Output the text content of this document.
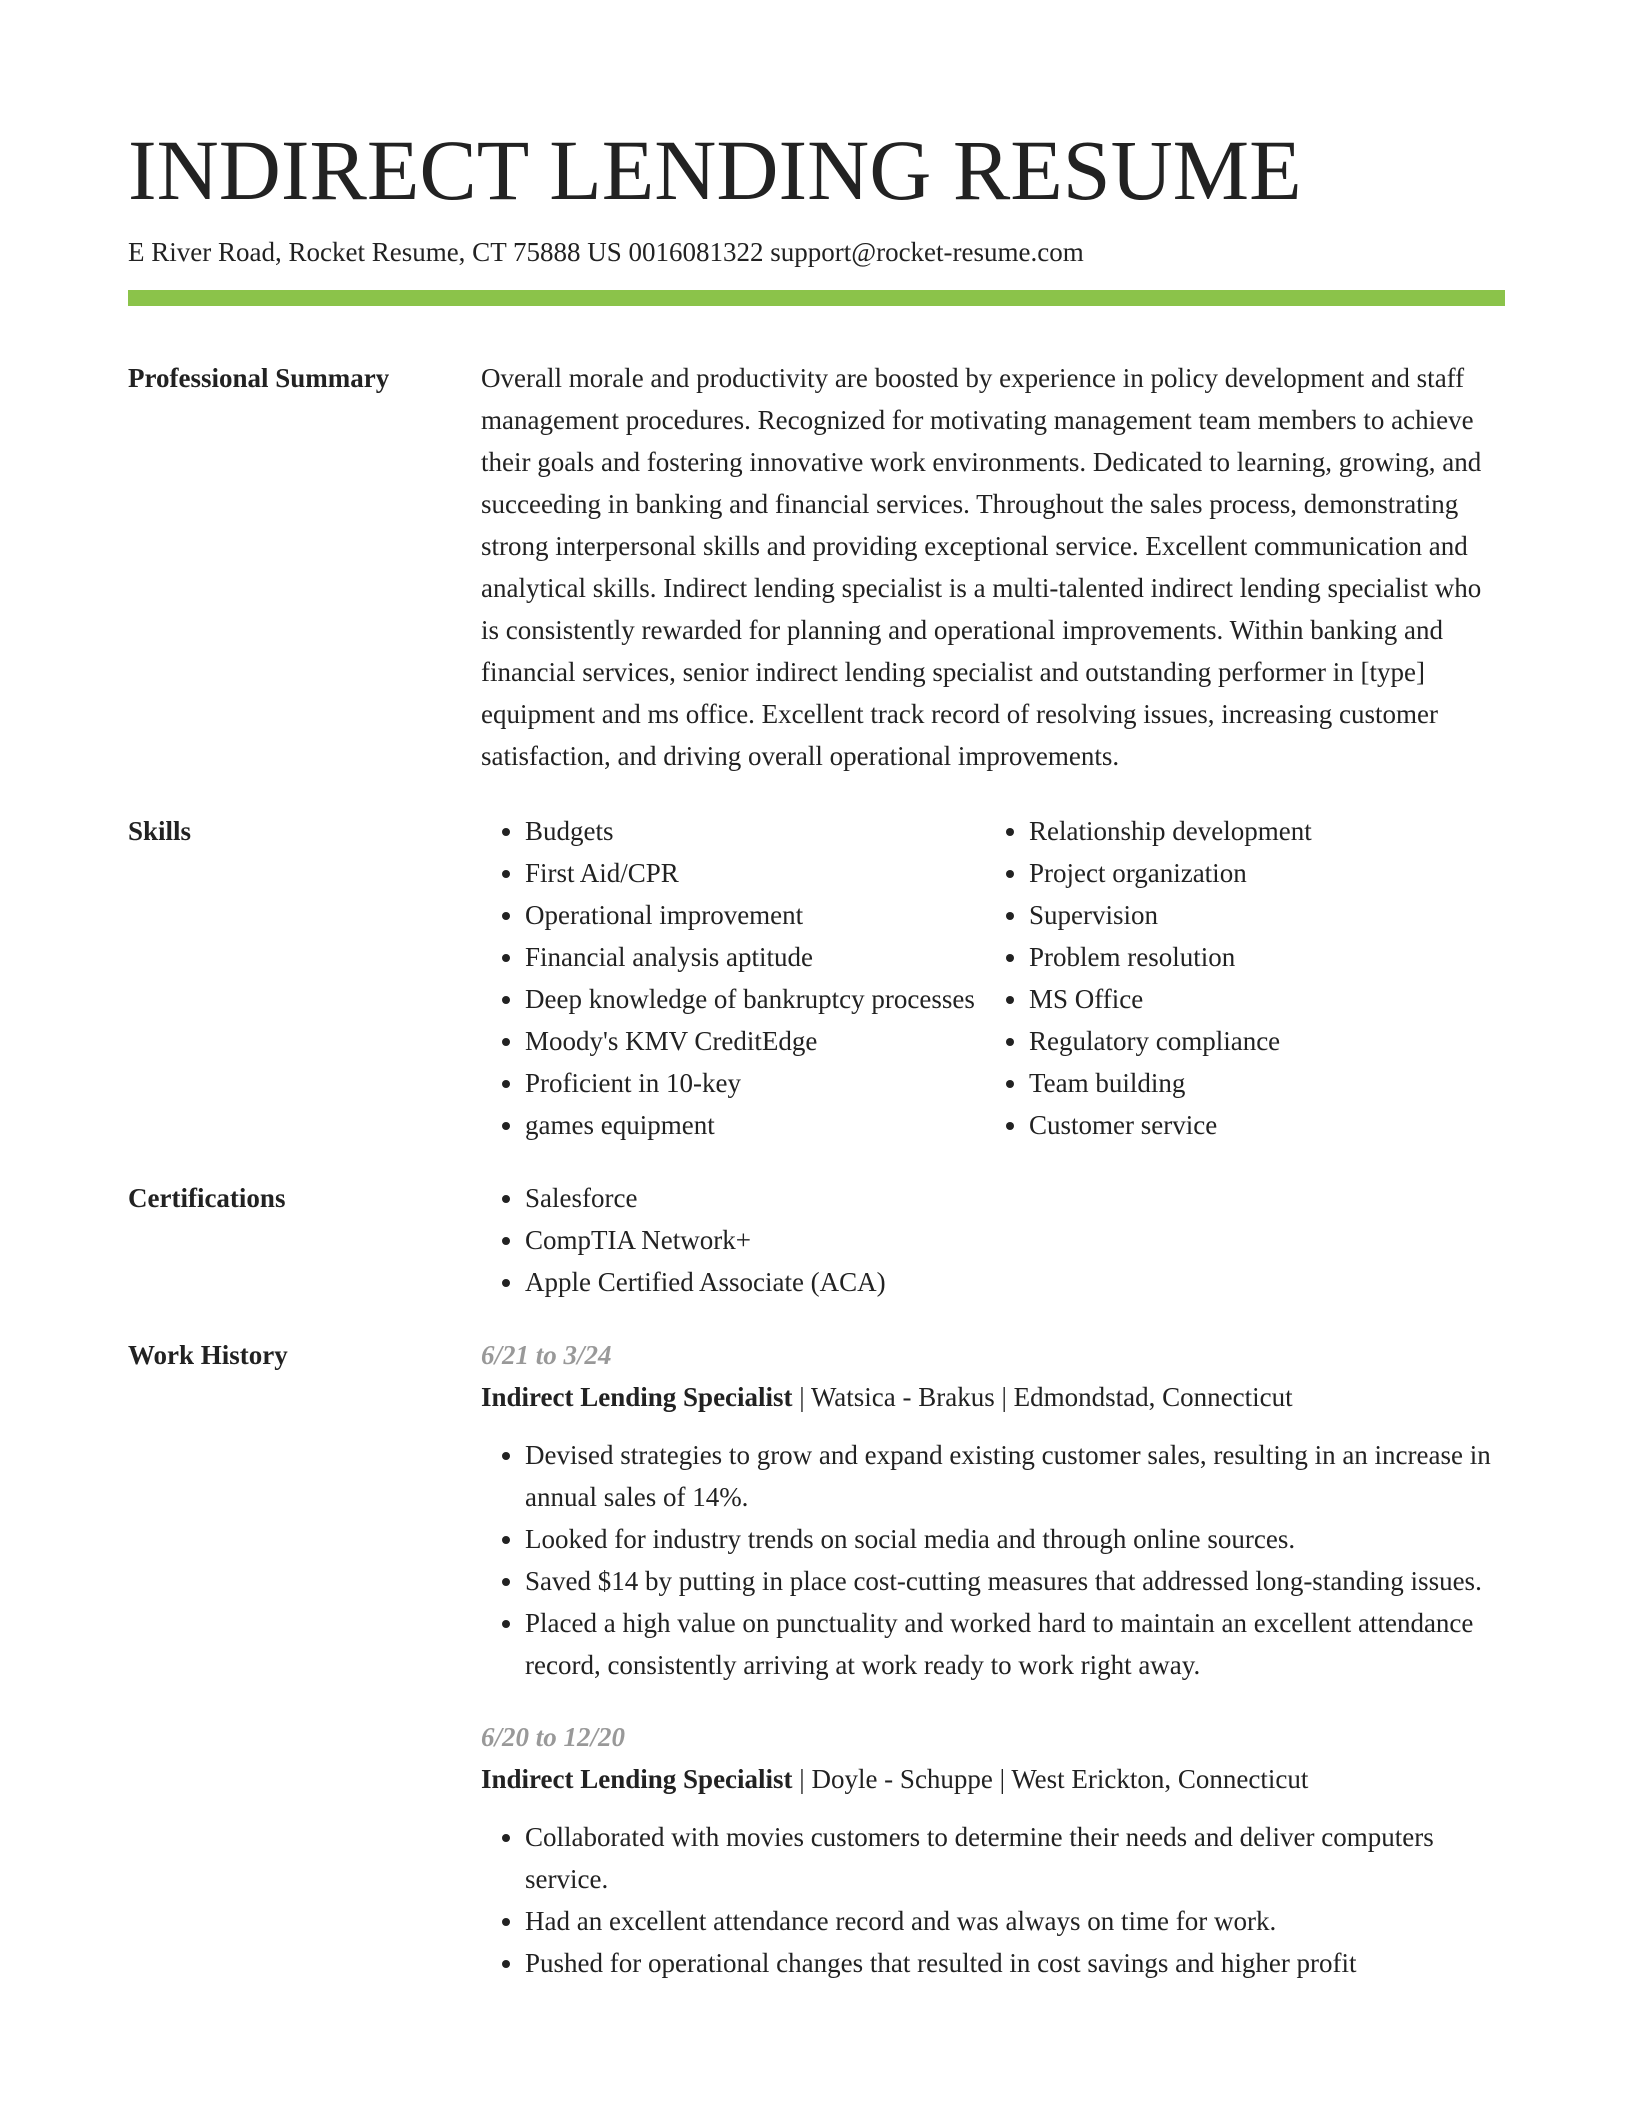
INDIRECT LENDING RESUME
E River Road, Rocket Resume, CT 75888 US 0016081322 support@rocket-resume.com
Professional Summary	Overall morale and productivity are boosted by experience in policy development and staff management procedures. Recognized for motivating management team members to achieve their goals and fostering innovative work environments. Dedicated to learning, growing, and succeeding in banking and financial services. Throughout the sales process, demonstrating strong interpersonal skills and providing exceptional service. Excellent communication and analytical skills. Indirect lending specialist is a multi-talented indirect lending specialist who is consistently rewarded for planning and operational improvements. Within banking and financial services, senior indirect lending specialist and outstanding performer in [type] equipment and ms office. Excellent track record of resolving issues, increasing customer satisfaction, and driving overall operational improvements.
Skills	• Budgets
• First Aid/CPR
• Operational improvement
• Financial analysis aptitude
• Deep knowledge of bankruptcy processes
• Moody's KMV CreditEdge
• Proficient in 10-key
• games equipment
• Relationship development
• Project organization
• Supervision
• Problem resolution
• MS Office
• Regulatory compliance
• Team building
• Customer service
Certifications	• Salesforce
• CompTIA Network+
• Apple Certified Associate (ACA)
Work History	6/21 to 3/24
Indirect Lending Specialist | Watsica - Brakus | Edmondstad, Connecticut
• Devised strategies to grow and expand existing customer sales, resulting in an increase in annual sales of 14%.
• Looked for industry trends on social media and through online sources.
• Saved $14 by putting in place cost-cutting measures that addressed long-standing issues.
• Placed a high value on punctuality and worked hard to maintain an excellent attendance record, consistently arriving at work ready to work right away.
6/20 to 12/20
Indirect Lending Specialist | Doyle - Schuppe | West Erickton, Connecticut
• Collaborated with movies customers to determine their needs and deliver computers service.
• Had an excellent attendance record and was always on time for work.
• Pushed for operational changes that resulted in cost savings and higher profit
